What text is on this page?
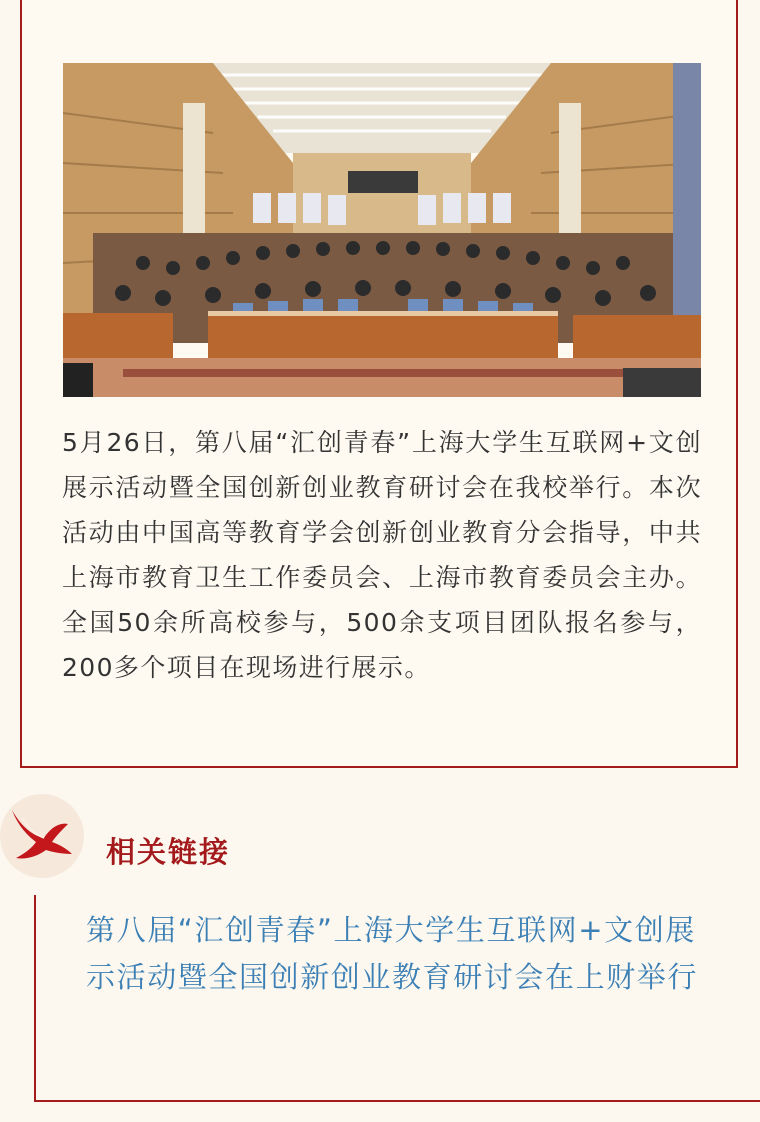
5月26日，第八届“汇创青春”上海大学生互联网+文创展示活动暨全国创新创业教育研讨会在我校举行。本次活动由中国高等教育学会创新创业教育分会指导，中共上海市教育卫生工作委员会、上海市教育委员会主办。全国50余所高校参与，500余支项目团队报名参与，200多个项目在现场进行展示。

相关链接

第八届“汇创青春”上海大学生互联网+文创展示活动暨全国创新创业教育研讨会在上财举行
